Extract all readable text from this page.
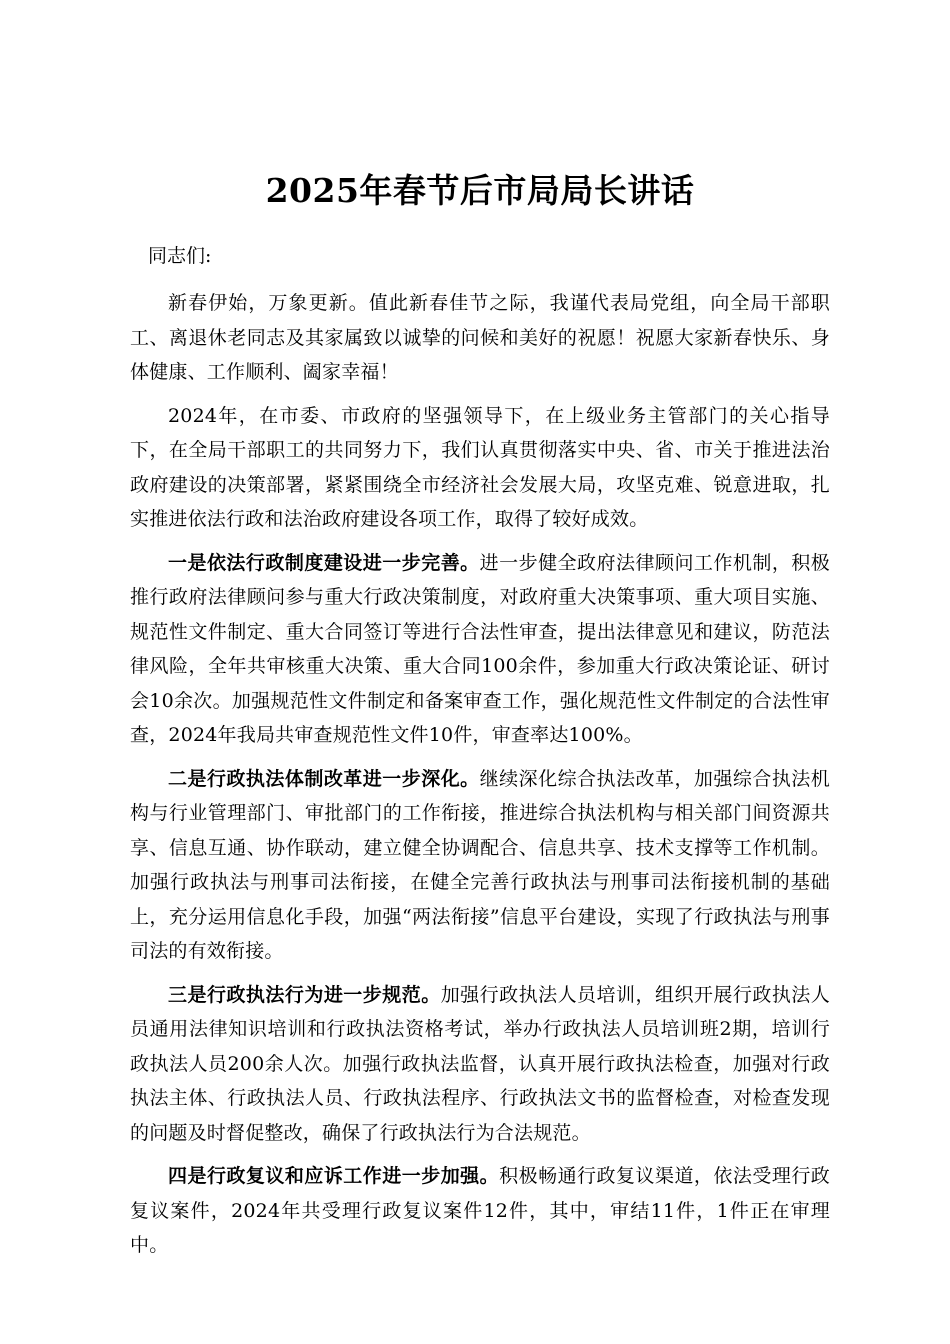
2025年春节后市局局长讲话
同志们:

新春伊始，万象更新。值此新春佳节之际，我谨代表局党组，向全局干部职工、离退休老同志及其家属致以诚挚的问候和美好的祝愿！祝愿大家新春快乐、身体健康、工作顺利、阖家幸福！

2024年，在市委、市政府的坚强领导下，在上级业务主管部门的关心指导下，在全局干部职工的共同努力下，我们认真贯彻落实中央、省、市关于推进法治政府建设的决策部署，紧紧围绕全市经济社会发展大局，攻坚克难、锐意进取，扎实推进依法行政和法治政府建设各项工作，取得了较好成效。

一是依法行政制度建设进一步完善。进一步健全政府法律顾问工作机制，积极推行政府法律顾问参与重大行政决策制度，对政府重大决策事项、重大项目实施、规范性文件制定、重大合同签订等进行合法性审查，提出法律意见和建议，防范法律风险，全年共审核重大决策、重大合同100余件，参加重大行政决策论证、研讨会10余次。加强规范性文件制定和备案审查工作，强化规范性文件制定的合法性审查，2024年我局共审查规范性文件10件，审查率达100%。

二是行政执法体制改革进一步深化。继续深化综合执法改革，加强综合执法机构与行业管理部门、审批部门的工作衔接，推进综合执法机构与相关部门间资源共享、信息互通、协作联动，建立健全协调配合、信息共享、技术支撑等工作机制。加强行政执法与刑事司法衔接，在健全完善行政执法与刑事司法衔接机制的基础上，充分运用信息化手段，加强“两法衔接”信息平台建设，实现了行政执法与刑事司法的有效衔接。

三是行政执法行为进一步规范。加强行政执法人员培训，组织开展行政执法人员通用法律知识培训和行政执法资格考试，举办行政执法人员培训班2期，培训行政执法人员200余人次。加强行政执法监督，认真开展行政执法检查，加强对行政执法主体、行政执法人员、行政执法程序、行政执法文书的监督检查，对检查发现的问题及时督促整改，确保了行政执法行为合法规范。

四是行政复议和应诉工作进一步加强。积极畅通行政复议渠道，依法受理行政复议案件，2024年共受理行政复议案件12件，其中，审结11件，1件正在审理中。
